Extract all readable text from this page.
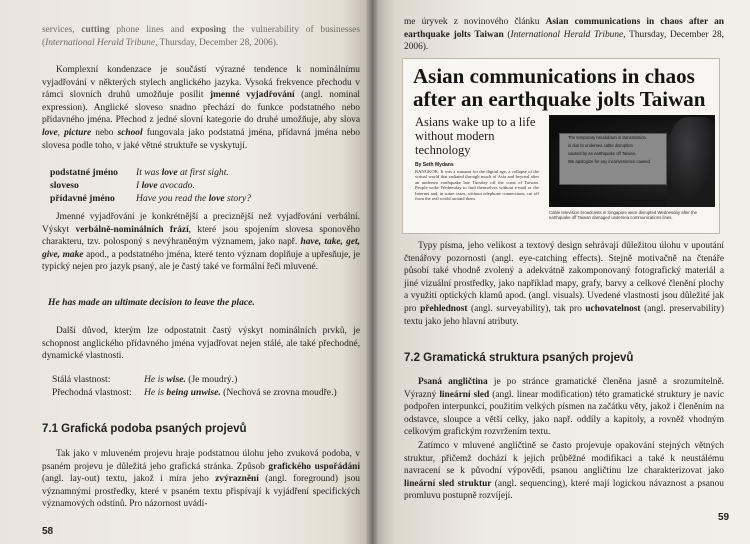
services, cutting phone lines and exposing the vulnerability of businesses (International Herald Tribune, Thursday, December 28, 2006).

Komplexní kondenzace je součástí výrazné tendence k nominálnímu vyjadřování v některých stylech anglického jazyka. Vysoká frekvence přechodu v rámci slovních druhů umožňuje posílit jmenné vyjadřování (angl. nominal expression). Anglické sloveso snadno přechází do funkce podstatného nebo přídavného jména. Přechod z jedné slovní kategorie do druhé umožňuje, aby slova love, picture nebo school fungovala jako podstatná jména, přídavná jména nebo slovesa podle toho, v jaké větné struktuře se vyskytují.

podstatné jméno	It was love at first sight.
sloveso	I love avocado.
přídavné jméno	Have you read the love story?

Jmenné vyjadřování je konkrétnější a preciznější než vyjadřování verbální. Výskyt verbálně-nominálních frází, které jsou spojením slovesa sponověho charakteru, tzv. polosponý s nevýhraněným významem, jako např. have, take, get, give, make apod., a podstatného jména, které tento význam doplňuje a upřesňuje, je typický nejen pro jazyk psaný, ale je častý také ve formální řeči mluvené.

He has made an ultimate decision to leave the place.

Další důvod, kterým lze odpostatnit častý výskyt nominálních prvků, je schopnost anglického přídavného jména vyjadřovat nejen stálé, ale také přechodné, dynamické vlastnosti.

Stálá vlastnost:	He is wise. (Je moudrý.)
Přechodná vlastnost:	He is being unwise. (Nechová se zrovna moudře.)
7.1 Grafická podoba psaných projevů

Tak jako v mluveném projevu hraje podstatnou úlohu jeho zvuková podoba, v psaném projevu je důležitá jeho grafická stránka. Způsob grafického uspořádání (angl. lay-out) textu, jakož i míra jeho zvýraznění (angl. foreground) jsou významnými prostředky, které v psaném textu přispívají k vyjádření specifických významových odstínů. Pro názornost uvádí-

58

me úryvek z novinového článku Asian communications in chaos after an earthquake jolts Taiwan (International Herald Tribune, Thursday, December 28, 2006).

Asian communications in chaos after an earthquake jolts Taiwan
Asians wake up to a life without modern technology
By Seth Mydans
BANGKOK: It was a tsunami for the digital age, a collapse of the virtual world that radiated through much of Asia and beyond after an undersea earthquake late Tuesday off the coast of Taiwan. People woke Wednesday to find themselves without e-mail or the Internet and, in some cases, without telephone connections, cut off from the real world around them.
The temporary breakdown in transmission
is due to undersea cable disruption
caused by an earthquake off Taiwan.
We apologize for any inconvenience caused.
Cable television broadcasts in Singapore were disrupted Wednesday after the earthquake off Taiwan damaged undersea communications lines.

Typy písma, jeho velikost a textový design sehrávají důležitou úlohu v upoutání čtenářovy pozornosti (angl. eye-catching effects). Stejně motivačně na čtenáře působí také vhodně zvolený a adekvátně zakomponovaný fotografický materiál a jiné vizuální prostředky, jako například mapy, grafy, barvy a celkové členění plochy a využití optických klamů apod. (angl. visuals). Uvedené vlastnosti jsou důležité jak pro přehlednost (angl. surveyability), tak pro uchovatelnost (angl. preservability) textu jako jeho hlavní atributy.

7.2 Gramatická struktura psaných projevů

Psaná angličtina je po stránce gramatické členěna jasně a srozumitelně. Výrazný lineární sled (angl. linear modification) této gramatické struktury je navíc podpořen interpunkcí, použitím velkých písmen na začátku věty, jakož i členěním na odstavce, sloupce a větší celky, jako např. oddíly a kapitoly, a rovněž vhodným celkovým grafickým rozvržením textu.

Zatímco v mluvené angličtině se často projevuje opakování stejných větných struktur, přičemž dochází k jejich průběžné modifikaci a také k neustálému navracení se k původní výpovědi, psanou angličtinu lze charakterizovat jako lineární sled struktur (angl. sequencing), které mají logickou návaznost a psanou promluvu postupně rozvíjejí.

59
